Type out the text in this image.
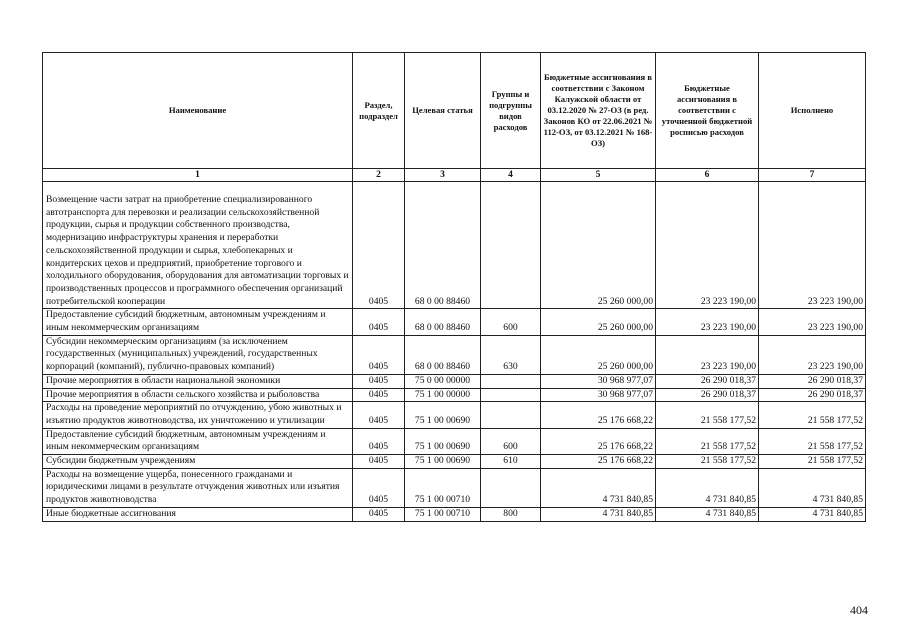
Наименование	Раздел, подраздел	Целевая статья	Группы и подгруппы видов расходов	Бюджетные ассигнования в соответствии с Законом Калужской области от 03.12.2020 № 27-ОЗ (в ред. Законов КО от 22.06.2021 № 112-ОЗ, от 03.12.2021 № 168-ОЗ)	Бюджетные ассигнования в соответствии с уточненной бюджетной росписью расходов	Исполнено
1	2	3	4	5	6	7

Возмещение части затрат на приобретение специализированного автотранспорта для перевозки и реализации сельскохозяйственной продукции, сырья и продукции собственного производства, модернизацию инфраструктуры хранения и переработки сельскохозяйственной продукции и сырья, хлебопекарных и кондитерских цехов и предприятий, приобретение торгового и холодильного оборудования, оборудования для автоматизации торговых и производственных процессов и программного обеспечения организаций потребительской кооперации	0405	68 0 00 88460		25 260 000,00	23 223 190,00	23 223 190,00
Предоставление субсидий бюджетным, автономным учреждениям и иным некоммерческим организациям	0405	68 0 00 88460	600	25 260 000,00	23 223 190,00	23 223 190,00
Субсидии некоммерческим организациям (за исключением государственных (муниципальных) учреждений, государственных корпораций (компаний), публично-правовых компаний)	0405	68 0 00 88460	630	25 260 000,00	23 223 190,00	23 223 190,00
Прочие мероприятия в области национальной экономики	0405	75 0 00 00000		30 968 977,07	26 290 018,37	26 290 018,37
Прочие мероприятия в области сельского хозяйства и рыболовства	0405	75 1 00 00000		30 968 977,07	26 290 018,37	26 290 018,37
Расходы на проведение мероприятий по отчуждению, убою животных и изъятию продуктов животноводства, их уничтожению и утилизации	0405	75 1 00 00690		25 176 668,22	21 558 177,52	21 558 177,52
Предоставление субсидий бюджетным, автономным учреждениям и иным некоммерческим организациям	0405	75 1 00 00690	600	25 176 668,22	21 558 177,52	21 558 177,52
Субсидии бюджетным учреждениям	0405	75 1 00 00690	610	25 176 668,22	21 558 177,52	21 558 177,52
Расходы на возмещение ущерба, понесенного гражданами и юридическими лицами в результате отчуждения животных или изъятия продуктов животноводства	0405	75 1 00 00710		4 731 840,85	4 731 840,85	4 731 840,85
Иные бюджетные ассигнования	0405	75 1 00 00710	800	4 731 840,85	4 731 840,85	4 731 840,85
404
